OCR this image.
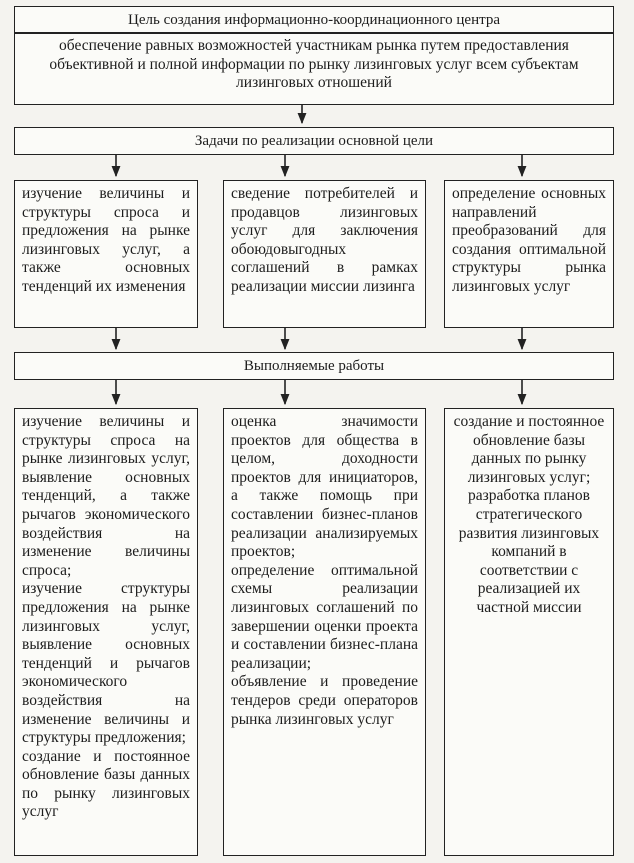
Цель создания информационно-координационного центра
обеспечение равных возможностей участникам рынка путем предоставления объективной и полной информации по рынку лизинговых услуг всем субъектам лизинговых отношений
Задачи по реализации основной цели

изучение величины и структуры спроса и предложения на рынке лизинговых услуг, а также основных тенденций их изменения

сведение потребителей и продавцов лизинговых услуг для заключения обоюдовыгодных соглашений в рамках реализации миссии лизинга

определение основных направлений преобразований для создания оптимальной структуры рынка лизинговых услуг

Выполняемые работы

изучение величины и структуры спроса на рынке лизинговых услуг, выявление основных тенденций, а также рычагов экономического воздействия на изменение величины спроса;

изучение структуры предложения на рынке лизинговых услуг, выявление основных тенденций и рычагов экономического воздействия на изменение величины и структуры предложения;

создание и постоянное обновление базы данных по рынку лизинговых услуг

оценка значимости проектов для общества в целом, доходности проектов для инициаторов, а также помощь при составлении бизнес-планов реализации анализируемых проектов;

определение оптимальной схемы реализации лизинговых соглашений по завершении оценки проекта и составлении бизнес-плана реализации;

объявление и проведение тендеров среди операторов рынка лизинговых услуг

создание и постоянное обновление базы данных по рынку лизинговых услуг;

разработка планов стратегического развития лизинговых компаний в соответствии с реализацией их частной миссии
